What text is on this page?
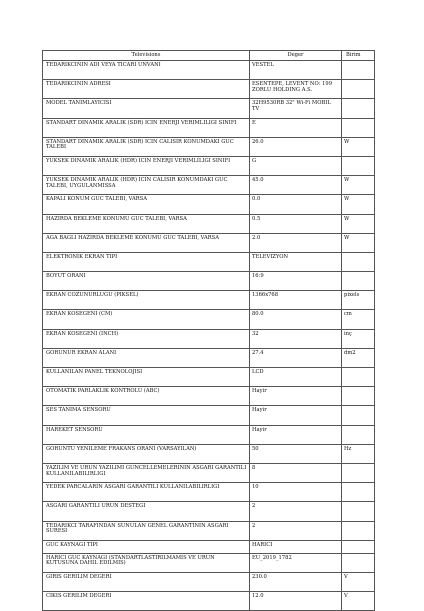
Televisions	Deger	Birim
TEDARIKCININ ADI VEYA TICARI UNVANI	VESTEL	
TEDARIKCININ ADRESI	ESENTEPE, LEVENT NO: 199 ZORLU HOLDING A.S.	
MODEL TANIMLAYICISI	32H9530RB 32" Wi-Fi MOBIL TV	
STANDART DINAMIK ARALIK (SDR) ICIN ENERJI VERIMLILIGI SINIFI	E	
STANDART DINAMIK ARALIK (SDR) ICIN CALISIR KONUMDAKI GUC TALEBI	26.0	W
YUKSEK DINAMIK ARALIK (HDR) ICIN ENERJI VERIMLILIGI SINIFI	G	
YUKSEK DINAMIK ARALIK (HDR) ICIN CALISIR KONUMDAKI GUC TALEBI, UYGULANMISSA	45.0	W
KAPALI KONUM GUC TALEBI, VARSA	0.0	W
HAZIRDA BEKLEME KONUMU GUC TALEBI, VARSA	0.5	W
AGA BAGLI HAZIRDA BEKLEME KONUMU GUC TALEBI, VARSA	2.0	W
ELEKTRONIK EKRAN TIPI	TELEVIZYON	
BOYUT ORANI	16:9	
EKRAN COZUNURLUGU (PIKSEL)	1366x768	pixels
EKRAN KOSEGENI (CM)	80.0	cm
EKRAN KOSEGENI (INCH)	32	inç
GORUNUR EKRAN ALANI	27.4	dm2
KULLANILAN PANEL TEKNOLOJISI	LCD	
OTOMATIK PARLAKLIK KONTROLU (ABC)	Hayir	
SES TANIMA SENSORU	Hayir	
HAREKET SENSORU	Hayir	
GORUNTU YENILEME FRAKANS ORANI (VARSAYILAN)	50	Hz
YAZILIM VE URUN YAZILIMI GUNCELLEMELERININ ASGARI GARANTILI KULLANILABILIRLIGI	8	
YEDEK PARCALARIN ASGARI GARANTILI KULLANILABILIRLIGI	10	
ASGARI GARANTILI URUN DESTEGI	2	
TEDARIKCI TARAFINDAN SUNULAN GENEL GARANTININ ASGARI SURESI	2	
GUC KAYNAGI TIPI	HARICI	
HARICI GUC KAYNAGI (STANDARTLASTIRILMAMIS VE URUN KUTUSUNA DAHIL EDILMIS)	EU_2019_1782	
GIRIS GERILIM DEGERI	230.0	V
CIKIS GERILIM DEGERI	12.0	V
